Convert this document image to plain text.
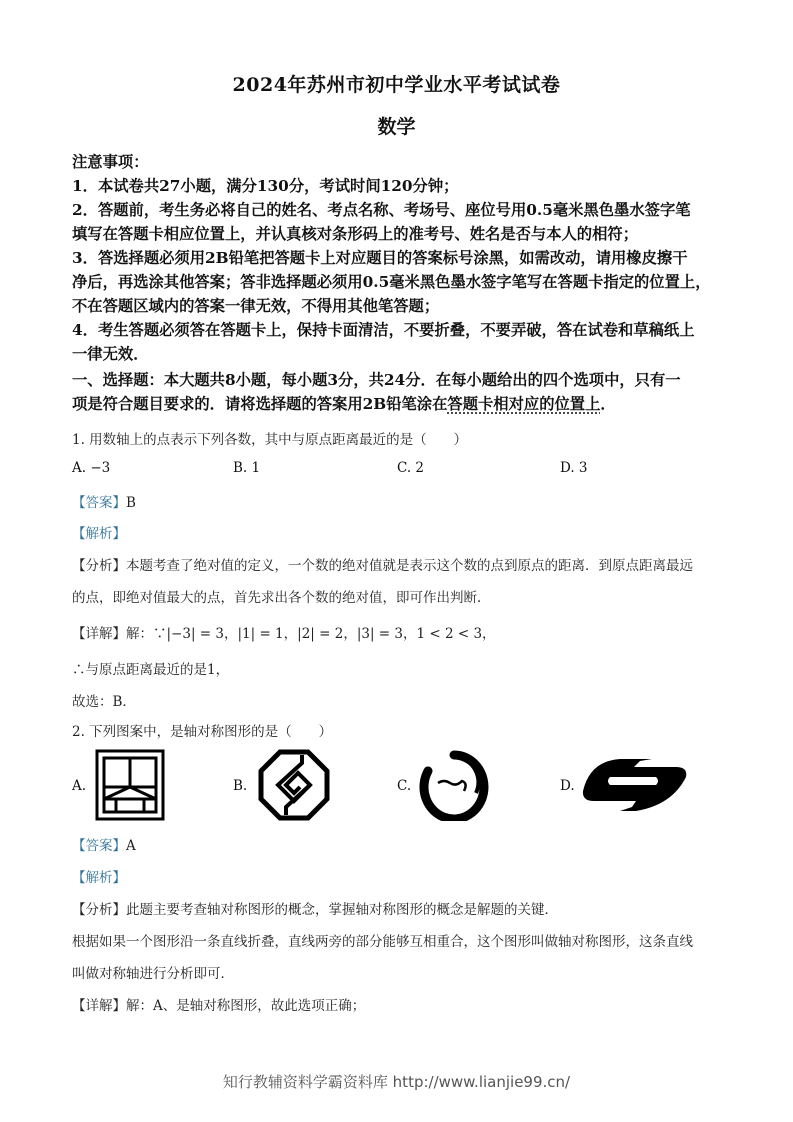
2024年苏州市初中学业水平考试试卷
数学
注意事项：
1．本试卷共27小题，满分130分，考试时间120分钟；
2．答题前，考生务必将自己的姓名、考点名称、考场号、座位号用0.5毫米黑色墨水签字笔
填写在答题卡相应位置上，并认真核对条形码上的准考号、姓名是否与本人的相符；
3．答选择题必须用2B铅笔把答题卡上对应题目的答案标号涂黑，如需改动，请用橡皮擦干
净后，再选涂其他答案；答非选择题必须用0.5毫米黑色墨水签字笔写在答题卡指定的位置上，
不在答题区域内的答案一律无效，不得用其他笔答题；
4．考生答题必须答在答题卡上，保持卡面清洁，不要折叠，不要弄破，答在试卷和草稿纸上
一律无效．
一、选择题：本大题共8小题，每小题3分，共24分．在每小题给出的四个选项中，只有一
项是符合题目要求的．请将选择题的答案用2B铅笔涂在答题卡相对应的位置上．
1. 用数轴上的点表示下列各数，其中与原点距离最近的是（　　）
A. −3	B. 1	C. 2	D. 3
【答案】B
【解析】
【分析】本题考查了绝对值的定义，一个数的绝对值就是表示这个数的点到原点的距离．到原点距离最远
的点，即绝对值最大的点，首先求出各个数的绝对值，即可作出判断．
【详解】解：∵|−3| = 3，|1| = 1，|2| = 2，|3| = 3，1 < 2 < 3，
∴与原点距离最近的是1，
故选：B．
2. 下列图案中，是轴对称图形的是（　　）
A.	B.	C.	D.
【答案】A
【解析】
【分析】此题主要考查轴对称图形的概念，掌握轴对称图形的概念是解题的关键．
根据如果一个图形沿一条直线折叠，直线两旁的部分能够互相重合，这个图形叫做轴对称图形，这条直线
叫做对称轴进行分析即可．
【详解】解：A、是轴对称图形，故此选项正确；
知行教辅资料学霸资料库 http://www.lianjie99.cn/
